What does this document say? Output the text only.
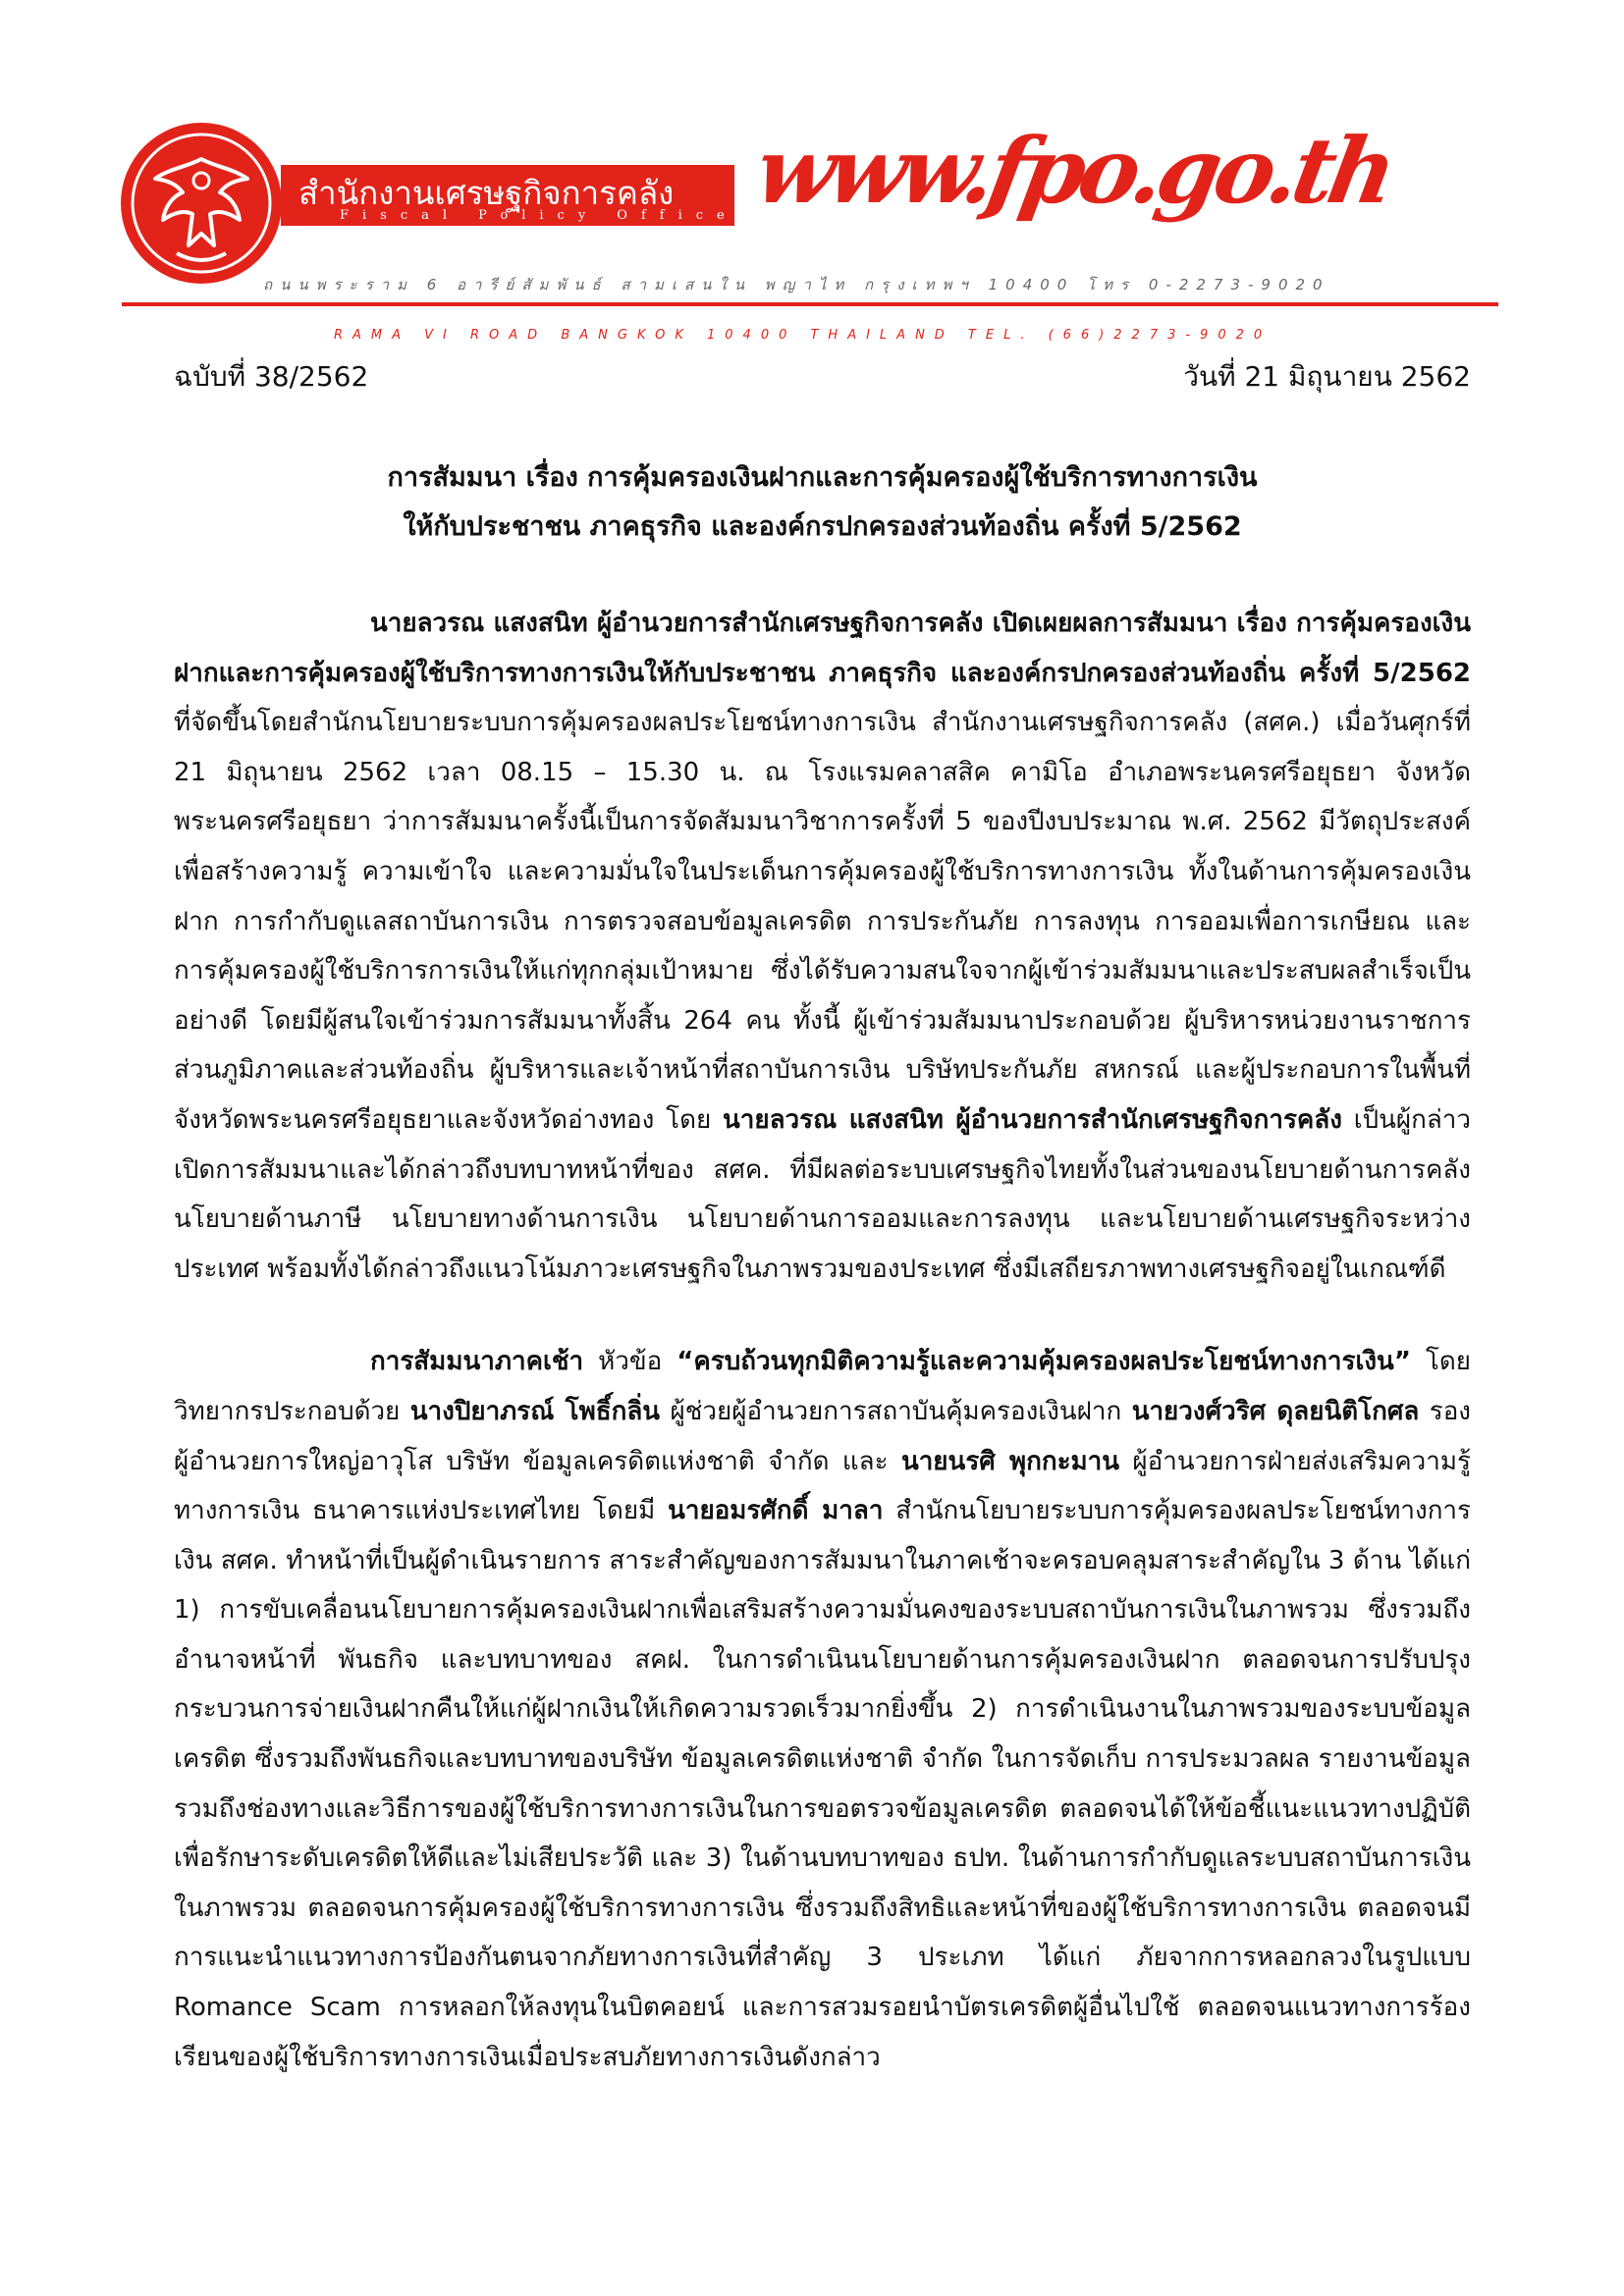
สำนักงานเศรษฐกิจการคลัง
Fiscal Policy Office www.fpo.go.th
ถนนพระราม 6 อารีย์สัมพันธ์ สามเสนใน พญาไท กรุงเทพฯ 10400 โทร 0-2273-9020
RAMA VI ROAD BANGKOK 10400 THAILAND TEL. (66)2273-9020
ฉบับที่ 38/2562	วันที่ 21 มิถุนายน 2562
การสัมมนา เรื่อง การคุ้มครองเงินฝากและการคุ้มครองผู้ใช้บริการทางการเงิน
ให้กับประชาชน ภาคธุรกิจ และองค์กรปกครองส่วนท้องถิ่น ครั้งที่ 5/2562

นายลวรณ แสงสนิท ผู้อำนวยการสำนักเศรษฐกิจการคลัง เปิดเผยผลการสัมมนา เรื่อง การคุ้มครองเงินฝากและการคุ้มครองผู้ใช้บริการทางการเงินให้กับประชาชน ภาคธุรกิจ และองค์กรปกครองส่วนท้องถิ่น ครั้งที่ 5/2562 ที่จัดขึ้นโดยสำนักนโยบายระบบการคุ้มครองผลประโยชน์ทางการเงิน สำนักงานเศรษฐกิจการคลัง (สศค.) เมื่อวันศุกร์ที่ 21 มิถุนายน 2562 เวลา 08.15 – 15.30 น. ณ โรงแรมคลาสสิค คามิโอ อำเภอพระนครศรีอยุธยา จังหวัดพระนครศรีอยุธยา ว่าการสัมมนาครั้งนี้เป็นการจัดสัมมนาวิชาการครั้งที่ 5 ของปีงบประมาณ พ.ศ. 2562 มีวัตถุประสงค์เพื่อสร้างความรู้ ความเข้าใจ และความมั่นใจในประเด็นการคุ้มครองผู้ใช้บริการทางการเงิน ทั้งในด้านการคุ้มครองเงินฝาก การกำกับดูแลสถาบันการเงิน การตรวจสอบข้อมูลเครดิต การประกันภัย การลงทุน การออมเพื่อการเกษียณ และการคุ้มครองผู้ใช้บริการการเงินให้แก่ทุกกลุ่มเป้าหมาย ซึ่งได้รับความสนใจจากผู้เข้าร่วมสัมมนาและประสบผลสำเร็จเป็นอย่างดี โดยมีผู้สนใจเข้าร่วมการสัมมนาทั้งสิ้น 264 คน ทั้งนี้ ผู้เข้าร่วมสัมมนาประกอบด้วย ผู้บริหารหน่วยงานราชการส่วนภูมิภาคและส่วนท้องถิ่น ผู้บริหารและเจ้าหน้าที่สถาบันการเงิน บริษัทประกันภัย สหกรณ์ และผู้ประกอบการในพื้นที่จังหวัดพระนครศรีอยุธยาและจังหวัดอ่างทอง โดย นายลวรณ แสงสนิท ผู้อำนวยการสำนักเศรษฐกิจการคลัง เป็นผู้กล่าวเปิดการสัมมนาและได้กล่าวถึงบทบาทหน้าที่ของ สศค. ที่มีผลต่อระบบเศรษฐกิจไทยทั้งในส่วนของนโยบายด้านการคลัง นโยบายด้านภาษี นโยบายทางด้านการเงิน นโยบายด้านการออมและการลงทุน และนโยบายด้านเศรษฐกิจระหว่างประเทศ พร้อมทั้งได้กล่าวถึงแนวโน้มภาวะเศรษฐกิจในภาพรวมของประเทศ ซึ่งมีเสถียรภาพทางเศรษฐกิจอยู่ในเกณฑ์ดี

การสัมมนาภาคเช้า หัวข้อ “ครบถ้วนทุกมิติความรู้และความคุ้มครองผลประโยชน์ทางการเงิน” โดยวิทยากรประกอบด้วย นางปิยาภรณ์ โพธิ์กลิ่น ผู้ช่วยผู้อำนวยการสถาบันคุ้มครองเงินฝาก นายวงศ์วริศ ดุลยนิติโกศล รองผู้อำนวยการใหญ่อาวุโส บริษัท ข้อมูลเครดิตแห่งชาติ จำกัด และ นายนรศิ พุกกะมาน ผู้อำนวยการฝ่ายส่งเสริมความรู้ทางการเงิน ธนาคารแห่งประเทศไทย โดยมี นายอมรศักดิ์ มาลา สำนักนโยบายระบบการคุ้มครองผลประโยชน์ทางการเงิน สศค. ทำหน้าที่เป็นผู้ดำเนินรายการ สาระสำคัญของการสัมมนาในภาคเช้าจะครอบคลุมสาระสำคัญใน 3 ด้าน ได้แก่ 1) การขับเคลื่อนนโยบายการคุ้มครองเงินฝากเพื่อเสริมสร้างความมั่นคงของระบบสถาบันการเงินในภาพรวม ซึ่งรวมถึงอำนาจหน้าที่ พันธกิจ และบทบาทของ สคฝ. ในการดำเนินนโยบายด้านการคุ้มครองเงินฝาก ตลอดจนการปรับปรุงกระบวนการจ่ายเงินฝากคืนให้แก่ผู้ฝากเงินให้เกิดความรวดเร็วมากยิ่งขึ้น 2) การดำเนินงานในภาพรวมของระบบข้อมูลเครดิต ซึ่งรวมถึงพันธกิจและบทบาทของบริษัท ข้อมูลเครดิตแห่งชาติ จำกัด ในการจัดเก็บ การประมวลผล รายงานข้อมูล รวมถึงช่องทางและวิธีการของผู้ใช้บริการทางการเงินในการขอตรวจข้อมูลเครดิต ตลอดจนได้ให้ข้อชี้แนะแนวทางปฏิบัติเพื่อรักษาระดับเครดิตให้ดีและไม่เสียประวัติ และ 3) ในด้านบทบาทของ ธปท. ในด้านการกำกับดูแลระบบสถาบันการเงินในภาพรวม ตลอดจนการคุ้มครองผู้ใช้บริการทางการเงิน ซึ่งรวมถึงสิทธิและหน้าที่ของผู้ใช้บริการทางการเงิน ตลอดจนมีการแนะนำแนวทางการป้องกันตนจากภัยทางการเงินที่สำคัญ 3 ประเภท ได้แก่ ภัยจากการหลอกลวงในรูปแบบ Romance Scam การหลอกให้ลงทุนในบิตคอยน์ และการสวมรอยนำบัตรเครดิตผู้อื่นไปใช้ ตลอดจนแนวทางการร้องเรียนของผู้ใช้บริการทางการเงินเมื่อประสบภัยทางการเงินดังกล่าว
